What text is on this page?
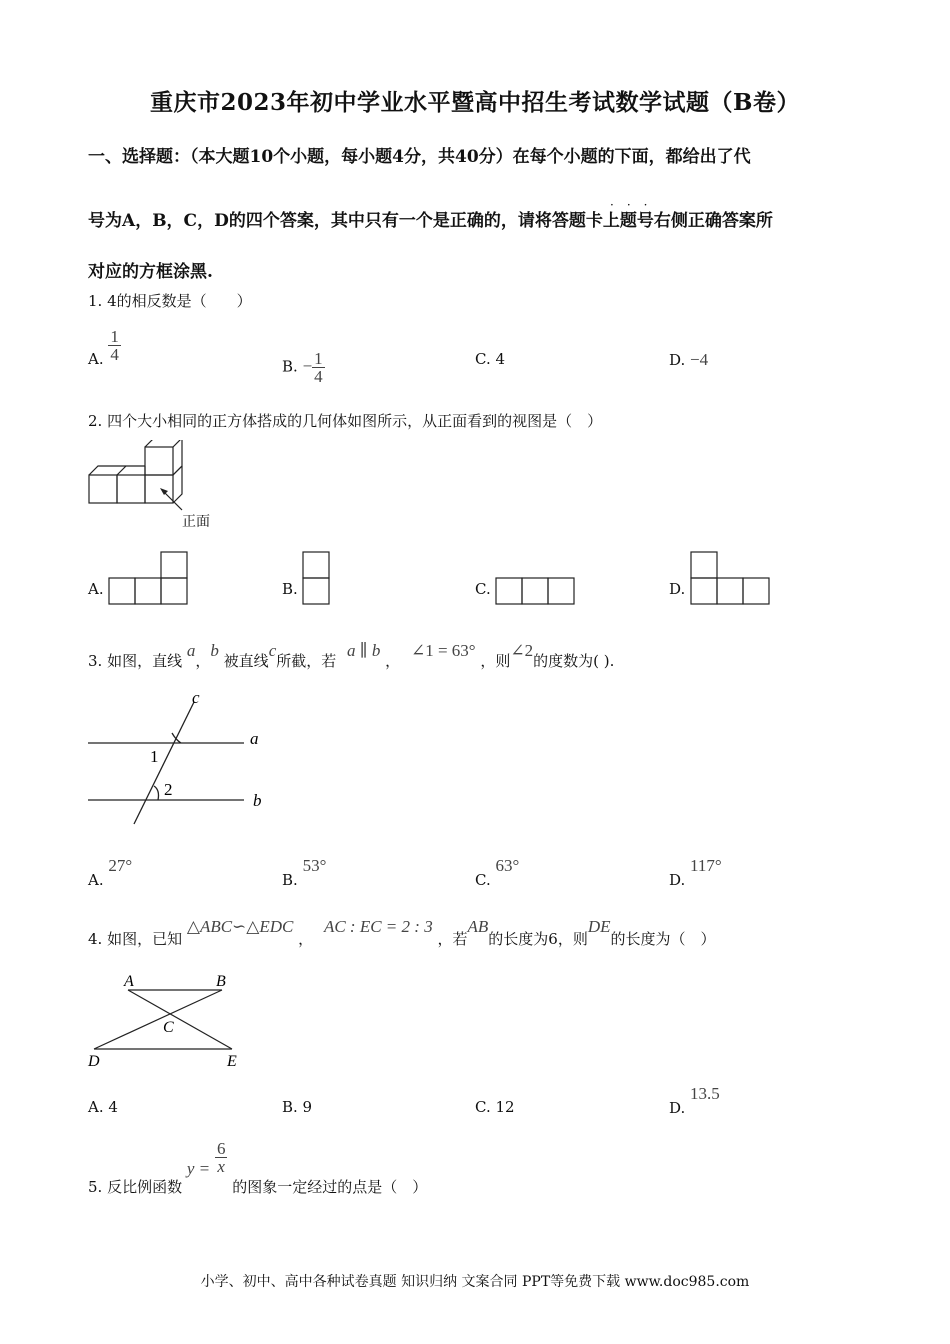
重庆市2023年初中学业水平暨高中招生考试数学试题（B卷）
一、选择题：（本大题10个小题，每小题4分，共40分）在每个小题的下面，都给出了代
号为A，B，C，D的四个答案，其中只有一个是正确的，请将答题卡上题号右侧正确答案所
···
对应的方框涂黑.
1. 4的相反数是（　　）
A. $\frac{1}{4}$
B. − $\frac{1}{4}$	C. 4	D. −4
2. 四个大小相同的正方体搭成的几何体如图所示，从正面看到的视图是（　）
正面
A.	B.	C.	D.
3. 如图，直线 a，b 被直线c所截，若 a ∥ b ， ∠1 = 63° ，则∠2的度数为( ).
c
a
b
1
2
A. 27°
B. 53°
C. 63°
D. 117°
4. 如图，已知 △ABC∽△EDC ， AC : EC = 2 : 3 ，若AB的长度为6，则DE的长度为（　）
A	B
C
D	E
A. 4	B. 9	C. 12	D. 13.5
5. 反比例函数 $y = \frac{6}{x}$
的图象一定经过的点是（　）
小学、初中、高中各种试卷真题 知识归纳 文案合同 PPT等免费下载 www.doc985.com
